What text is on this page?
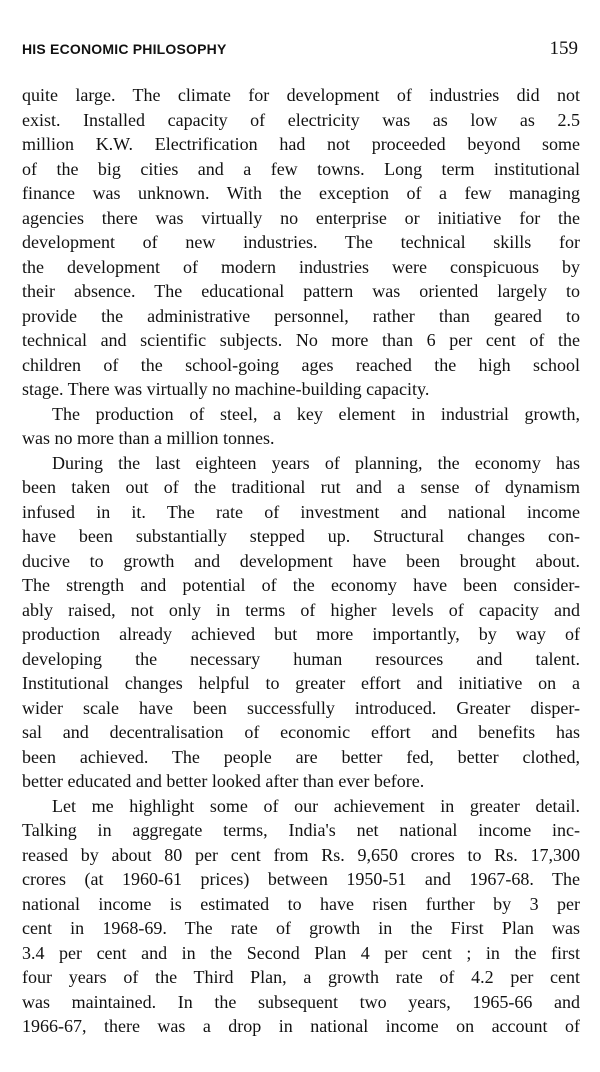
HIS ECONOMIC PHILOSOPHY	159
quite large. The climate for development of industries did not
exist. Installed capacity of electricity was as low as 2.5
million K.W. Electrification had not proceeded beyond some
of the big cities and a few towns. Long term institutional
finance was unknown. With the exception of a few managing
agencies there was virtually no enterprise or initiative for the
development of new industries. The technical skills for
the development of modern industries were conspicuous by
their absence. The educational pattern was oriented largely to
provide the administrative personnel, rather than geared to
technical and scientific subjects. No more than 6 per cent of the
children of the school-going ages reached the high school
stage. There was virtually no machine-building capacity.
The production of steel, a key element in industrial growth,
was no more than a million tonnes.
During the last eighteen years of planning, the economy has
been taken out of the traditional rut and a sense of dynamism
infused in it. The rate of investment and national income
have been substantially stepped up. Structural changes con-
ducive to growth and development have been brought about.
The strength and potential of the economy have been consider-
ably raised, not only in terms of higher levels of capacity and
production already achieved but more importantly, by way of
developing the necessary human resources and talent.
Institutional changes helpful to greater effort and initiative on a
wider scale have been successfully introduced. Greater disper-
sal and decentralisation of economic effort and benefits has
been achieved. The people are better fed, better clothed,
better educated and better looked after than ever before.
Let me highlight some of our achievement in greater detail.
Talking in aggregate terms, India's net national income inc-
reased by about 80 per cent from Rs. 9,650 crores to Rs. 17,300
crores (at 1960-61 prices) between 1950-51 and 1967-68. The
national income is estimated to have risen further by 3 per
cent in 1968-69. The rate of growth in the First Plan was
3.4 per cent and in the Second Plan 4 per cent ; in the first
four years of the Third Plan, a growth rate of 4.2 per cent
was maintained. In the subsequent two years, 1965-66 and
1966-67, there was a drop in national income on account of
